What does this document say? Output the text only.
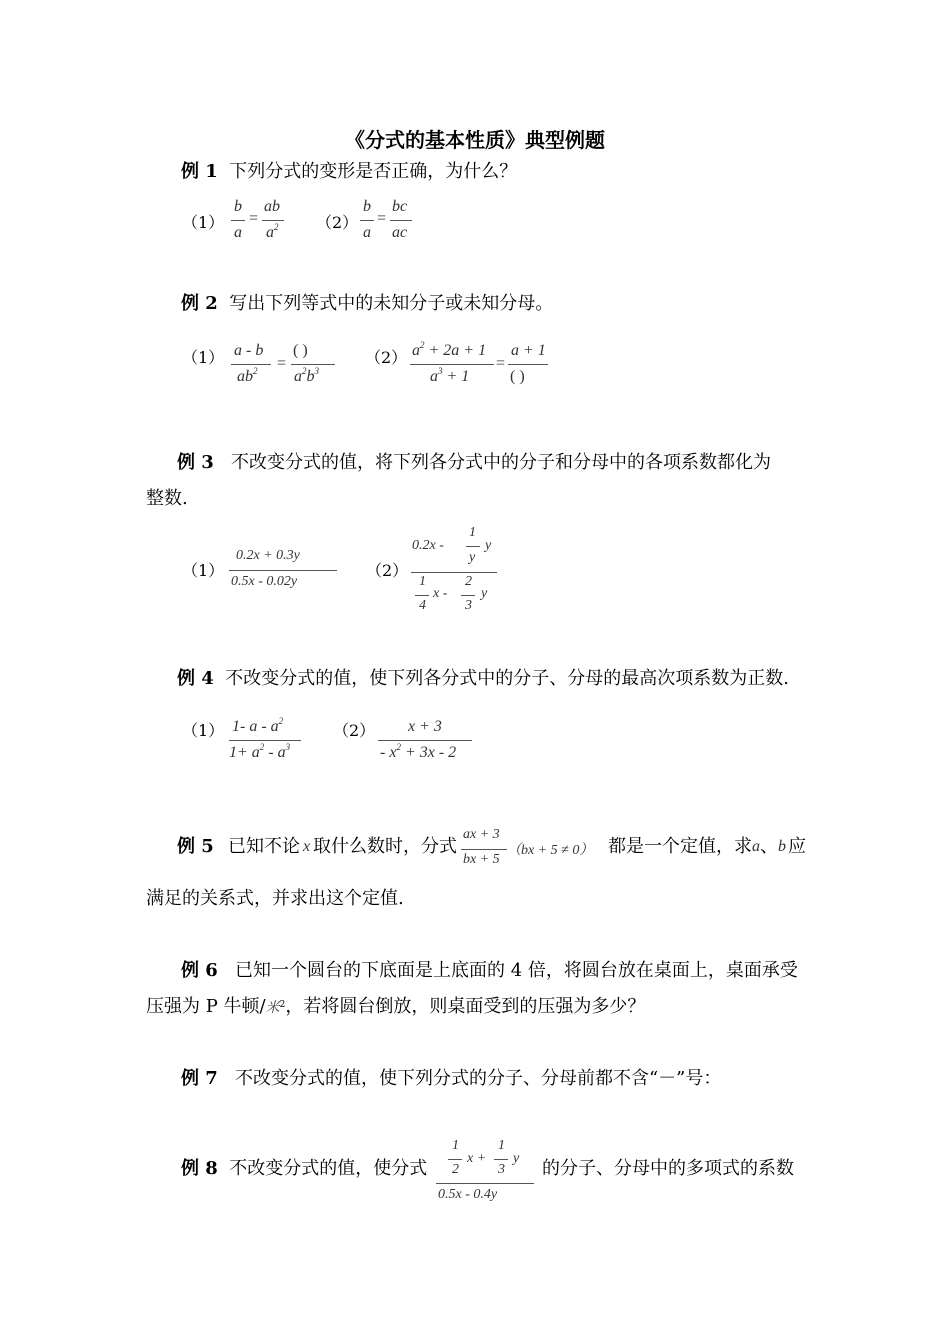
《分式的基本性质》典型例题
例 1 下列分式的变形是否正确，为什么？
（1）
b
a
=
ab
$a^2$ （2）
b
a
=
bc
ac
例 2 写出下列等式中的未知分子或未知分母。
（1） a - b
$ab^2$ =
( )
$a^2b^3$
（2） $a^2 + 2a + 1$
$a^3 + 1$
=
a + 1
( )
例 3 不改变分式的值，将下列各分式中的分子和分母中的各项系数都化为
整数.
（1）
0.2x + 0.3y
0.5x - 0.02y
（2）
0.2x -
1
y
y
1
4
x -
2
3
y
例 4 不改变分式的值，使下列各分式中的分子、分母的最高次项系数为正数.
（1） 1- a - $a^2$
$1+ a^2 - a^3$
（2） x + 3
- $x^2 + 3x - 2$
例 5 已知不论 x 取什么数时，分式
ax + 3
bx + 5
（bx + 5 ≠ 0） 都是一个定值，求 a 、 b 应
满足的关系式，并求出这个定值.
例 6 已知一个圆台的下底面是上底面的 4 倍，将圆台放在桌面上，桌面承受
压强为 P 牛顿/米$^2$，若将圆台倒放，则桌面受到的压强为多少？
例 7 不改变分式的值，使下列分式的分子、分母前都不含“－”号：
例 8 不改变分式的值，使分式
1
2
x +
1
3
y
0.5x - 0.4y
的分子、分母中的多项式的系数
